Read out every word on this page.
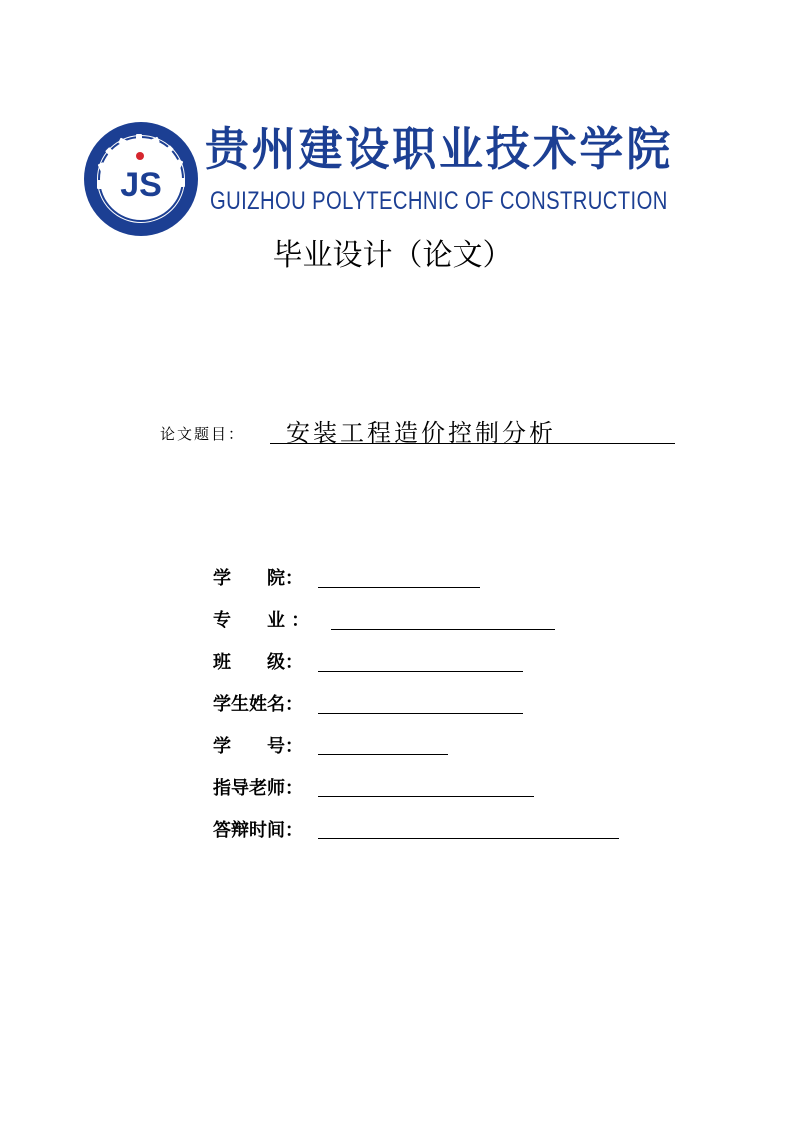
JS
贵州建设职业技术学院
GUIZHOU POLYTECHNIC OF CONSTRUCTION
毕业设计（论文）
论文题目： 安装工程造价控制分析
学　　院：
专　　业 ：
班　　级：
学生姓名：
学　　号：
指导老师：
答辩时间：
